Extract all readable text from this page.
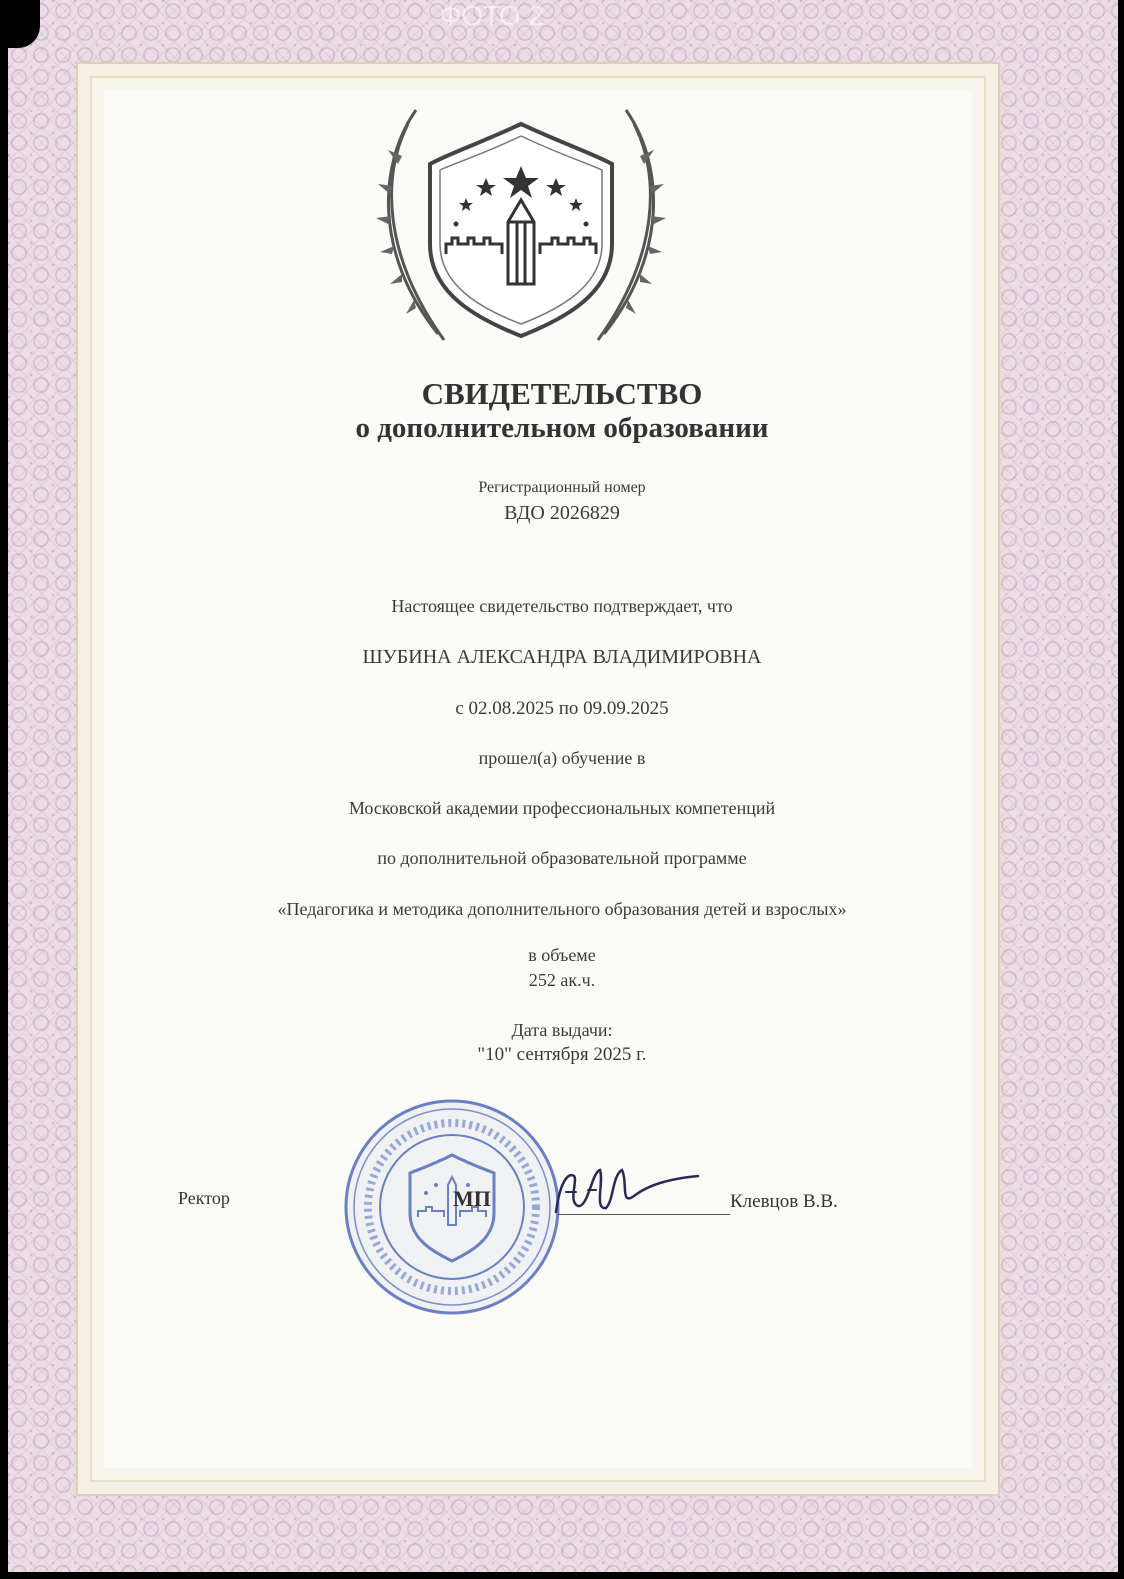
ФОТО 2
СВИДЕТЕЛЬСТВО
о дополнительном образовании
Регистрационный номер
ВДО 2026829
Настоящее свидетельство подтверждает, что
ШУБИНА АЛЕКСАНДРА ВЛАДИМИРОВНА
с 02.08.2025 по 09.09.2025
прошел(а) обучение в
Московской академии профессиональных компетенций
по дополнительной образовательной программе
«Педагогика и методика дополнительного образования детей и взрослых»
в объеме
252 ак.ч.
Дата выдачи:
"10" сентября 2025 г.
МП
Ректор	Клевцов В.В.
